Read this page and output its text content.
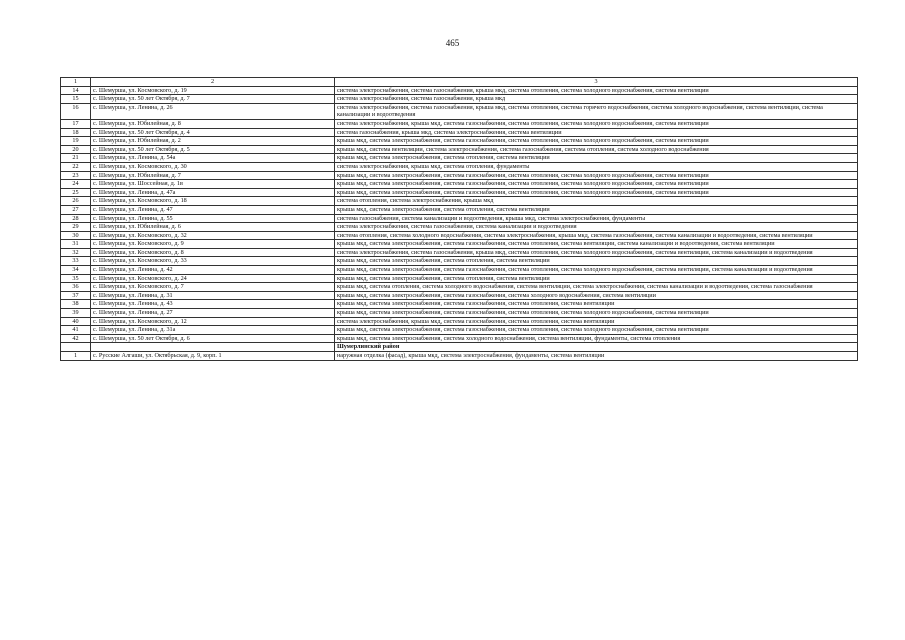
465
1	2	3
14	с. Шемурша, ул. Космовского, д. 19	система электроснабжения, система газоснабжения, крыша мкд, система отопления, система холодного водоснабжения, система вентиляции
15	с. Шемурша, ул. 50 лет Октября, д. 7	система электроснабжения, система газоснабжения, крыша мкд
16	с. Шемурша, ул. Ленина, д. 26	система электроснабжения, система газоснабжения, крыша мкд, система отопления, система горячего водоснабжения, система холодного водоснабжения, система вентиляции, система канализации и водоотведения
17	с. Шемурша, ул. Юбилейная, д. 8	система электроснабжения, крыша мкд, система газоснабжения, система отопления, система холодного водоснабжения, система вентиляции
18	с. Шемурша, ул. 50 лет Октября, д. 4	система газоснабжения, крыша мкд, система электроснабжения, система вентиляции
19	с. Шемурша, ул. Юбилейная, д. 2	крыша мкд, система электроснабжения, система газоснабжения, система отопления, система холодного водоснабжения, система вентиляции
20	с. Шемурша, ул. 50 лет Октября, д. 5	крыша мкд, система вентиляции, система электроснабжения, система газоснабжения, система отопления, система холодного водоснабжения
21	с. Шемурша, ул. Ленина, д. 54а	крыша мкд, система электроснабжения, система отопления, система вентиляции
22	с. Шемурша, ул. Космовского, д. 30	система электроснабжения, крыша мкд, система отопления, фундаменты
23	с. Шемурша, ул. Юбилейная, д. 7	крыша мкд, система электроснабжения, система газоснабжения, система отопления, система холодного водоснабжения, система вентиляции
24	с. Шемурша, ул. Шоссейная, д. 1в	крыша мкд, система электроснабжения, система газоснабжения, система отопления, система холодного водоснабжения, система вентиляции
25	с. Шемурша, ул. Ленина, д. 47а	крыша мкд, система электроснабжения, система газоснабжения, система отопления, система холодного водоснабжения, система вентиляции
26	с. Шемурша, ул. Космовского, д. 18	система отопления, система электроснабжения, крыша мкд
27	с. Шемурша, ул. Ленина, д. 47	крыша мкд, система электроснабжения, система отопления, система вентиляции
28	с. Шемурша, ул. Ленина, д. 55	система газоснабжения, система канализации и водоотведения, крыша мкд, система электроснабжения, фундаменты
29	с. Шемурша, ул. Юбилейная, д. 6	система электроснабжения, система газоснабжения, система канализации и водоотведения
30	с. Шемурша, ул. Космовского, д. 32	система отопления, система холодного водоснабжения, система электроснабжения, крыша мкд, система газоснабжения, система канализации и водоотведения, система вентиляции
31	с. Шемурша, ул. Космовского, д. 9	крыша мкд, система электроснабжения, система газоснабжения, система отопления, система вентиляции, система канализации и водоотведения, система вентиляции
32	с. Шемурша, ул. Космовского, д. 8	система электроснабжения, система газоснабжения, крыша мкд, система отопления, система холодного водоснабжения, система вентиляции, система канализации и водоотведения
33	с. Шемурша, ул. Космовского, д. 33	крыша мкд, система электроснабжения, система отопления, система вентиляции
34	с. Шемурша, ул. Ленина, д. 42	крыша мкд, система электроснабжения, система газоснабжения, система отопления, система холодного водоснабжения, система вентиляции, система канализации и водоотведения
35	с. Шемурша, ул. Космовского, д. 24	крыша мкд, система электроснабжения, система отопления, система вентиляции
36	с. Шемурша, ул. Космовского, д. 7	крыша мкд, система отопления, система холодного водоснабжения, система вентиляции, система электроснабжения, система канализации и водоотведения, система газоснабжения
37	с. Шемурша, ул. Ленина, д. 31	крыша мкд, система электроснабжения, система газоснабжения, система холодного водоснабжения, система вентиляции
38	с. Шемурша, ул. Ленина, д. 43	крыша мкд, система электроснабжения, система газоснабжения, система отопления, система вентиляции
39	с. Шемурша, ул. Ленина, д. 27	крыша мкд, система электроснабжения, система газоснабжения, система отопления, система холодного водоснабжения, система вентиляции
40	с. Шемурша, ул. Космовского, д. 12	система электроснабжения, крыша мкд, система газоснабжения, система отопления, система вентиляции
41	с. Шемурша, ул. Ленина, д. 31а	крыша мкд, система электроснабжения, система газоснабжения, система отопления, система холодного водоснабжения, система вентиляции
42	с. Шемурша, ул. 50 лет Октября, д. 6	крыша мкд, система электроснабжения, система холодного водоснабжения, система вентиляции, фундаменты, система отопления
		Шумерлинский район
1	с. Русские Алгаши, ул. Октябрьская, д. 9, корп. 1	наружная отделка (фасад), крыша мкд, система электроснабжения, фундаменты, система вентиляции
